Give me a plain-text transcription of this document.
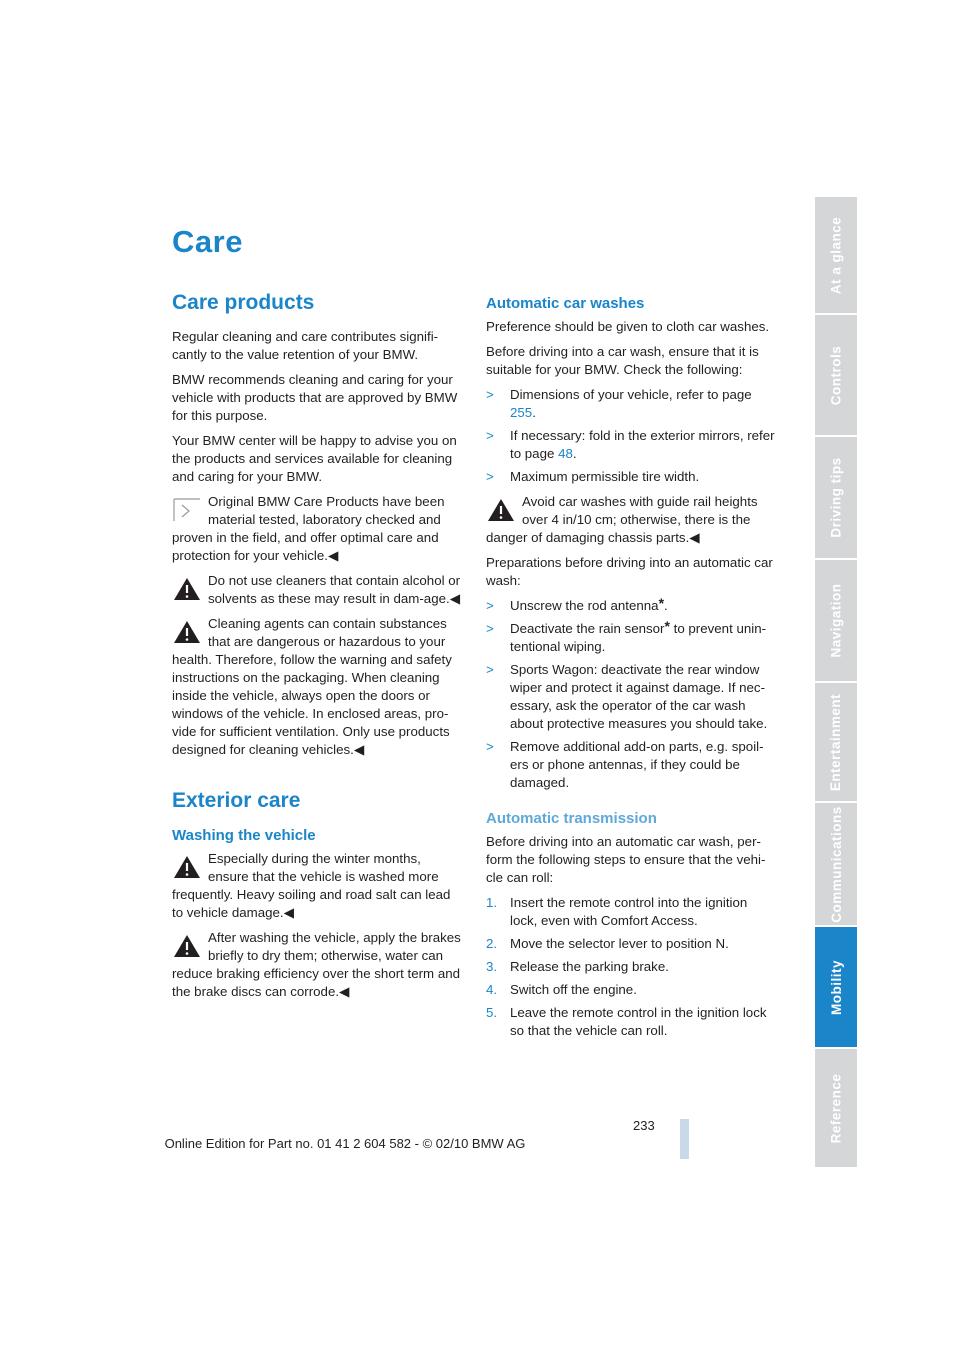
Care
Care products

Regular cleaning and care contributes signifi-cantly to the value retention of your BMW.

BMW recommends cleaning and caring for your vehicle with products that are approved by BMW for this purpose.

Your BMW center will be happy to advise you on the products and services available for cleaning and caring for your BMW.

Original BMW Care Products have been material tested, laboratory checked and proven in the field, and offer optimal care and protection for your vehicle.◀
Do not use cleaners that contain alcohol or solvents as these may result in dam-age.◀
Cleaning agents can contain substances that are dangerous or hazardous to your health. Therefore, follow the warning and safety instructions on the packaging. When cleaning inside the vehicle, always open the doors or windows of the vehicle. In enclosed areas, pro-vide for sufficient ventilation. Only use products designed for cleaning vehicles.◀
Exterior care
Washing the vehicle
Especially during the winter months, ensure that the vehicle is washed more frequently. Heavy soiling and road salt can lead to vehicle damage.◀
After washing the vehicle, apply the brakes briefly to dry them; otherwise, water can reduce braking efficiency over the short term and the brake discs can corrode.◀
Automatic car washes

Preference should be given to cloth car washes.

Before driving into a car wash, ensure that it is suitable for your BMW. Check the following:

> Dimensions of your vehicle, refer to page 255.
> If necessary: fold in the exterior mirrors, refer to page 48.
> Maximum permissible tire width.
Avoid car washes with guide rail heights over 4 in/10 cm; otherwise, there is the danger of damaging chassis parts.◀

Preparations before driving into an automatic car wash:

> Unscrew the rod antenna*.
> Deactivate the rain sensor* to prevent unin-tentional wiping.
> Sports Wagon: deactivate the rear window wiper and protect it against damage. If nec-essary, ask the operator of the car wash about protective measures you should take.
> Remove additional add-on parts, e.g. spoil-ers or phone antennas, if they could be damaged.
Automatic transmission

Before driving into an automatic car wash, per-form the following steps to ensure that the vehi-cle can roll:

1. Insert the remote control into the ignition lock, even with Comfort Access.
2. Move the selector lever to position N.
3. Release the parking brake.
4. Switch off the engine.
5. Leave the remote control in the ignition lock so that the vehicle can roll.
At a glance
Controls
Driving tips
Navigation
Entertainment
Communications
Mobility
Reference
233
Online Edition for Part no. 01 41 2 604 582 - © 02/10 BMW AG
